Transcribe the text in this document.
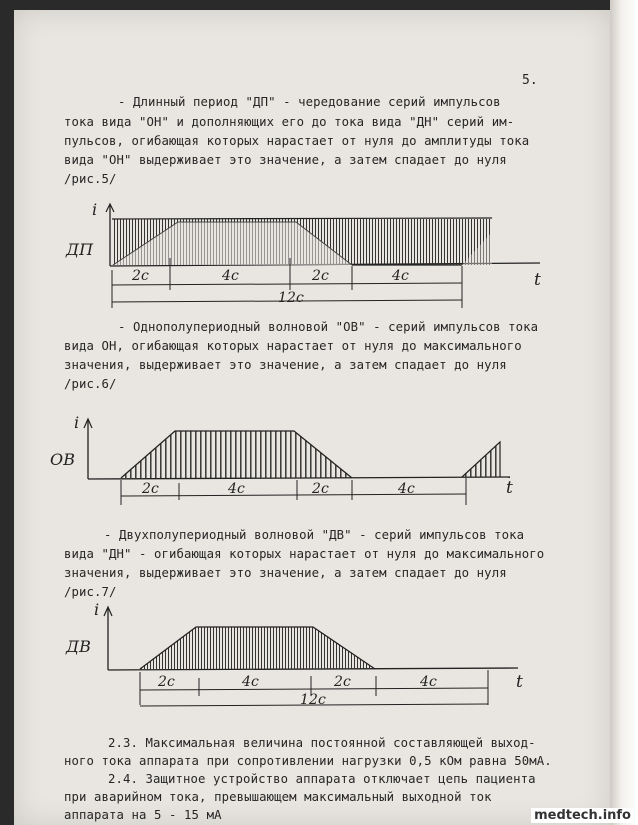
5.
- Длинный период "ДП" - чередование серий импульсов
тока вида "ОН" и дополняющих его до тока вида "ДН" серий им-
пульсов, огибающая которых нарастает от нуля до амплитуды тока
вида "ОН" выдерживает это значение, а затем спадает до нуля
/рис.5/
i
ДП
t
2с	4с	2с	4с
12с
- Однополупериодный волновой "ОВ" - серий импульсов тока
вида ОН, огибающая которых нарастает от нуля до максимального
значения, выдерживает это значение, а затем спадает до нуля
/рис.6/
i
ОВ
t
2с	4с	2с	4с
- Двухполупериодный волновой "ДВ" - серий импульсов тока
вида "ДН" - огибающая которых нарастает от нуля до максимального
значения, выдерживает это значение, а затем спадает до нуля
/рис.7/
i
ДВ
t
2с	4с	2с	4с
12с
2.3. Максимальная величина постоянной составляющей выход-
ного тока аппарата при сопротивлении нагрузки 0,5 кОм равна 50мА.
2.4. Защитное устройство аппарата отключает цепь пациента
при аварийном тока, превышающем максимальный выходной ток
аппарата на 5 - 15 мА	medtech.info
